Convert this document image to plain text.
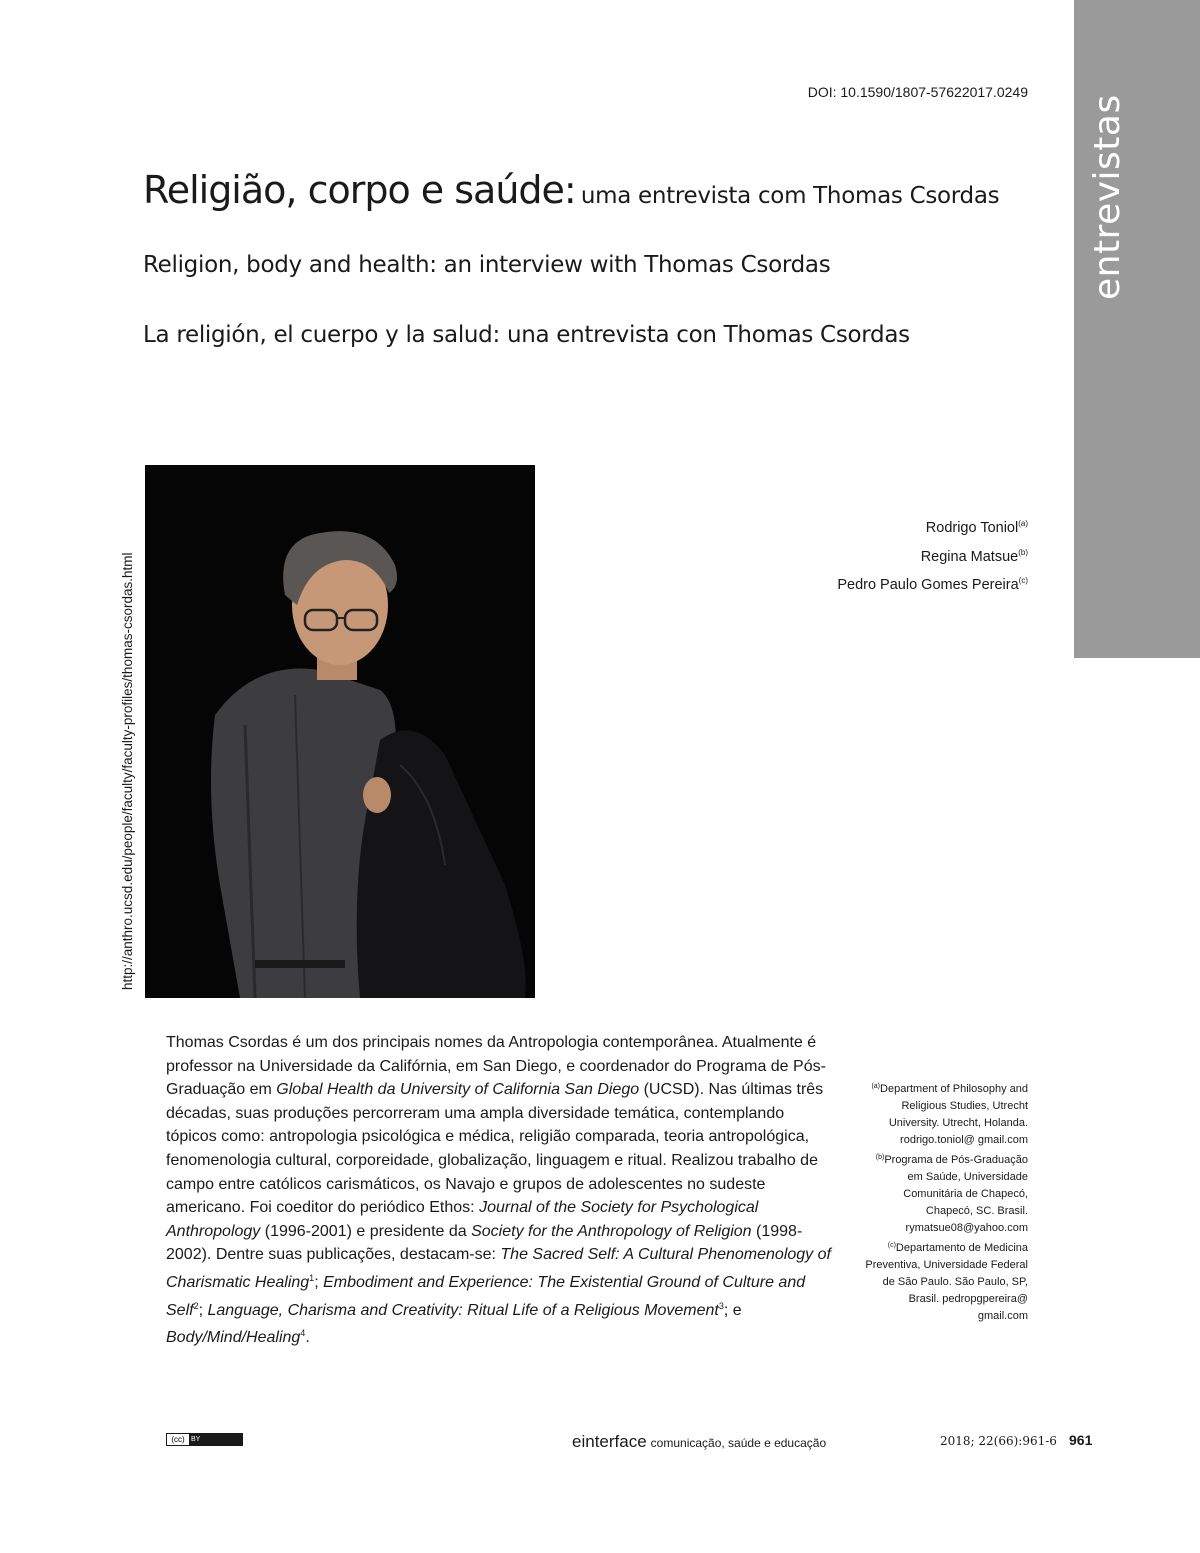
entrevistas
DOI: 10.1590/1807-57622017.0249
Religião, corpo e saúde: uma entrevista com Thomas Csordas
Religion, body and health: an interview with Thomas Csordas
La religión, el cuerpo y la salud: una entrevista con Thomas Csordas
http://anthro.ucsd.edu/people/faculty/faculty-profiles/thomas-csordas.html
Rodrigo Toniol$^{(a)}$
Regina Matsue$^{(b)}$
Pedro Paulo Gomes Pereira$^{(c)}$
Thomas Csordas é um dos principais nomes da Antropologia contemporânea. Atualmente é professor na Universidade da Califórnia, em San Diego, e coordenador do Programa de Pós-Graduação em Global Health da University of California San Diego (UCSD). Nas últimas três décadas, suas produções percorreram uma ampla diversidade temática, contemplando tópicos como: antropologia psicológica e médica, religião comparada, teoria antropológica, fenomenologia cultural, corporeidade, globalização, linguagem e ritual. Realizou trabalho de campo entre católicos carismáticos, os Navajo e grupos de adolescentes no sudeste americano. Foi coeditor do periódico Ethos: Journal of the Society for Psychological Anthropology (1996-2001) e presidente da Society for the Anthropology of Religion (1998-2002). Dentre suas publicações, destacam-se: The Sacred Self: A Cultural Phenomenology of Charismatic Healing$^1$; Embodiment and Experience: The Existential Ground of Culture and Self$^2$; Language, Charisma and Creativity: Ritual Life of a Religious Movement$^3$; e Body/Mind/Healing$^4$.
$^{(a)}$Department of Philosophy and Religious Studies, Utrecht University. Utrecht, Holanda. rodrigo.toniol@ gmail.com
$^{(b)}$Programa de Pós-Graduação em Saúde, Universidade Comunitária de Chapecó, Chapecó, SC. Brasil. rymatsue08@yahoo.com
$^{(c)}$Departamento de Medicina Preventiva, Universidade Federal de São Paulo. São Paulo, SP, Brasil. pedropgpereira@ gmail.com
(cc) BY	einterface comunicação, saúde e educação	2018; 22(66):961-6 961
